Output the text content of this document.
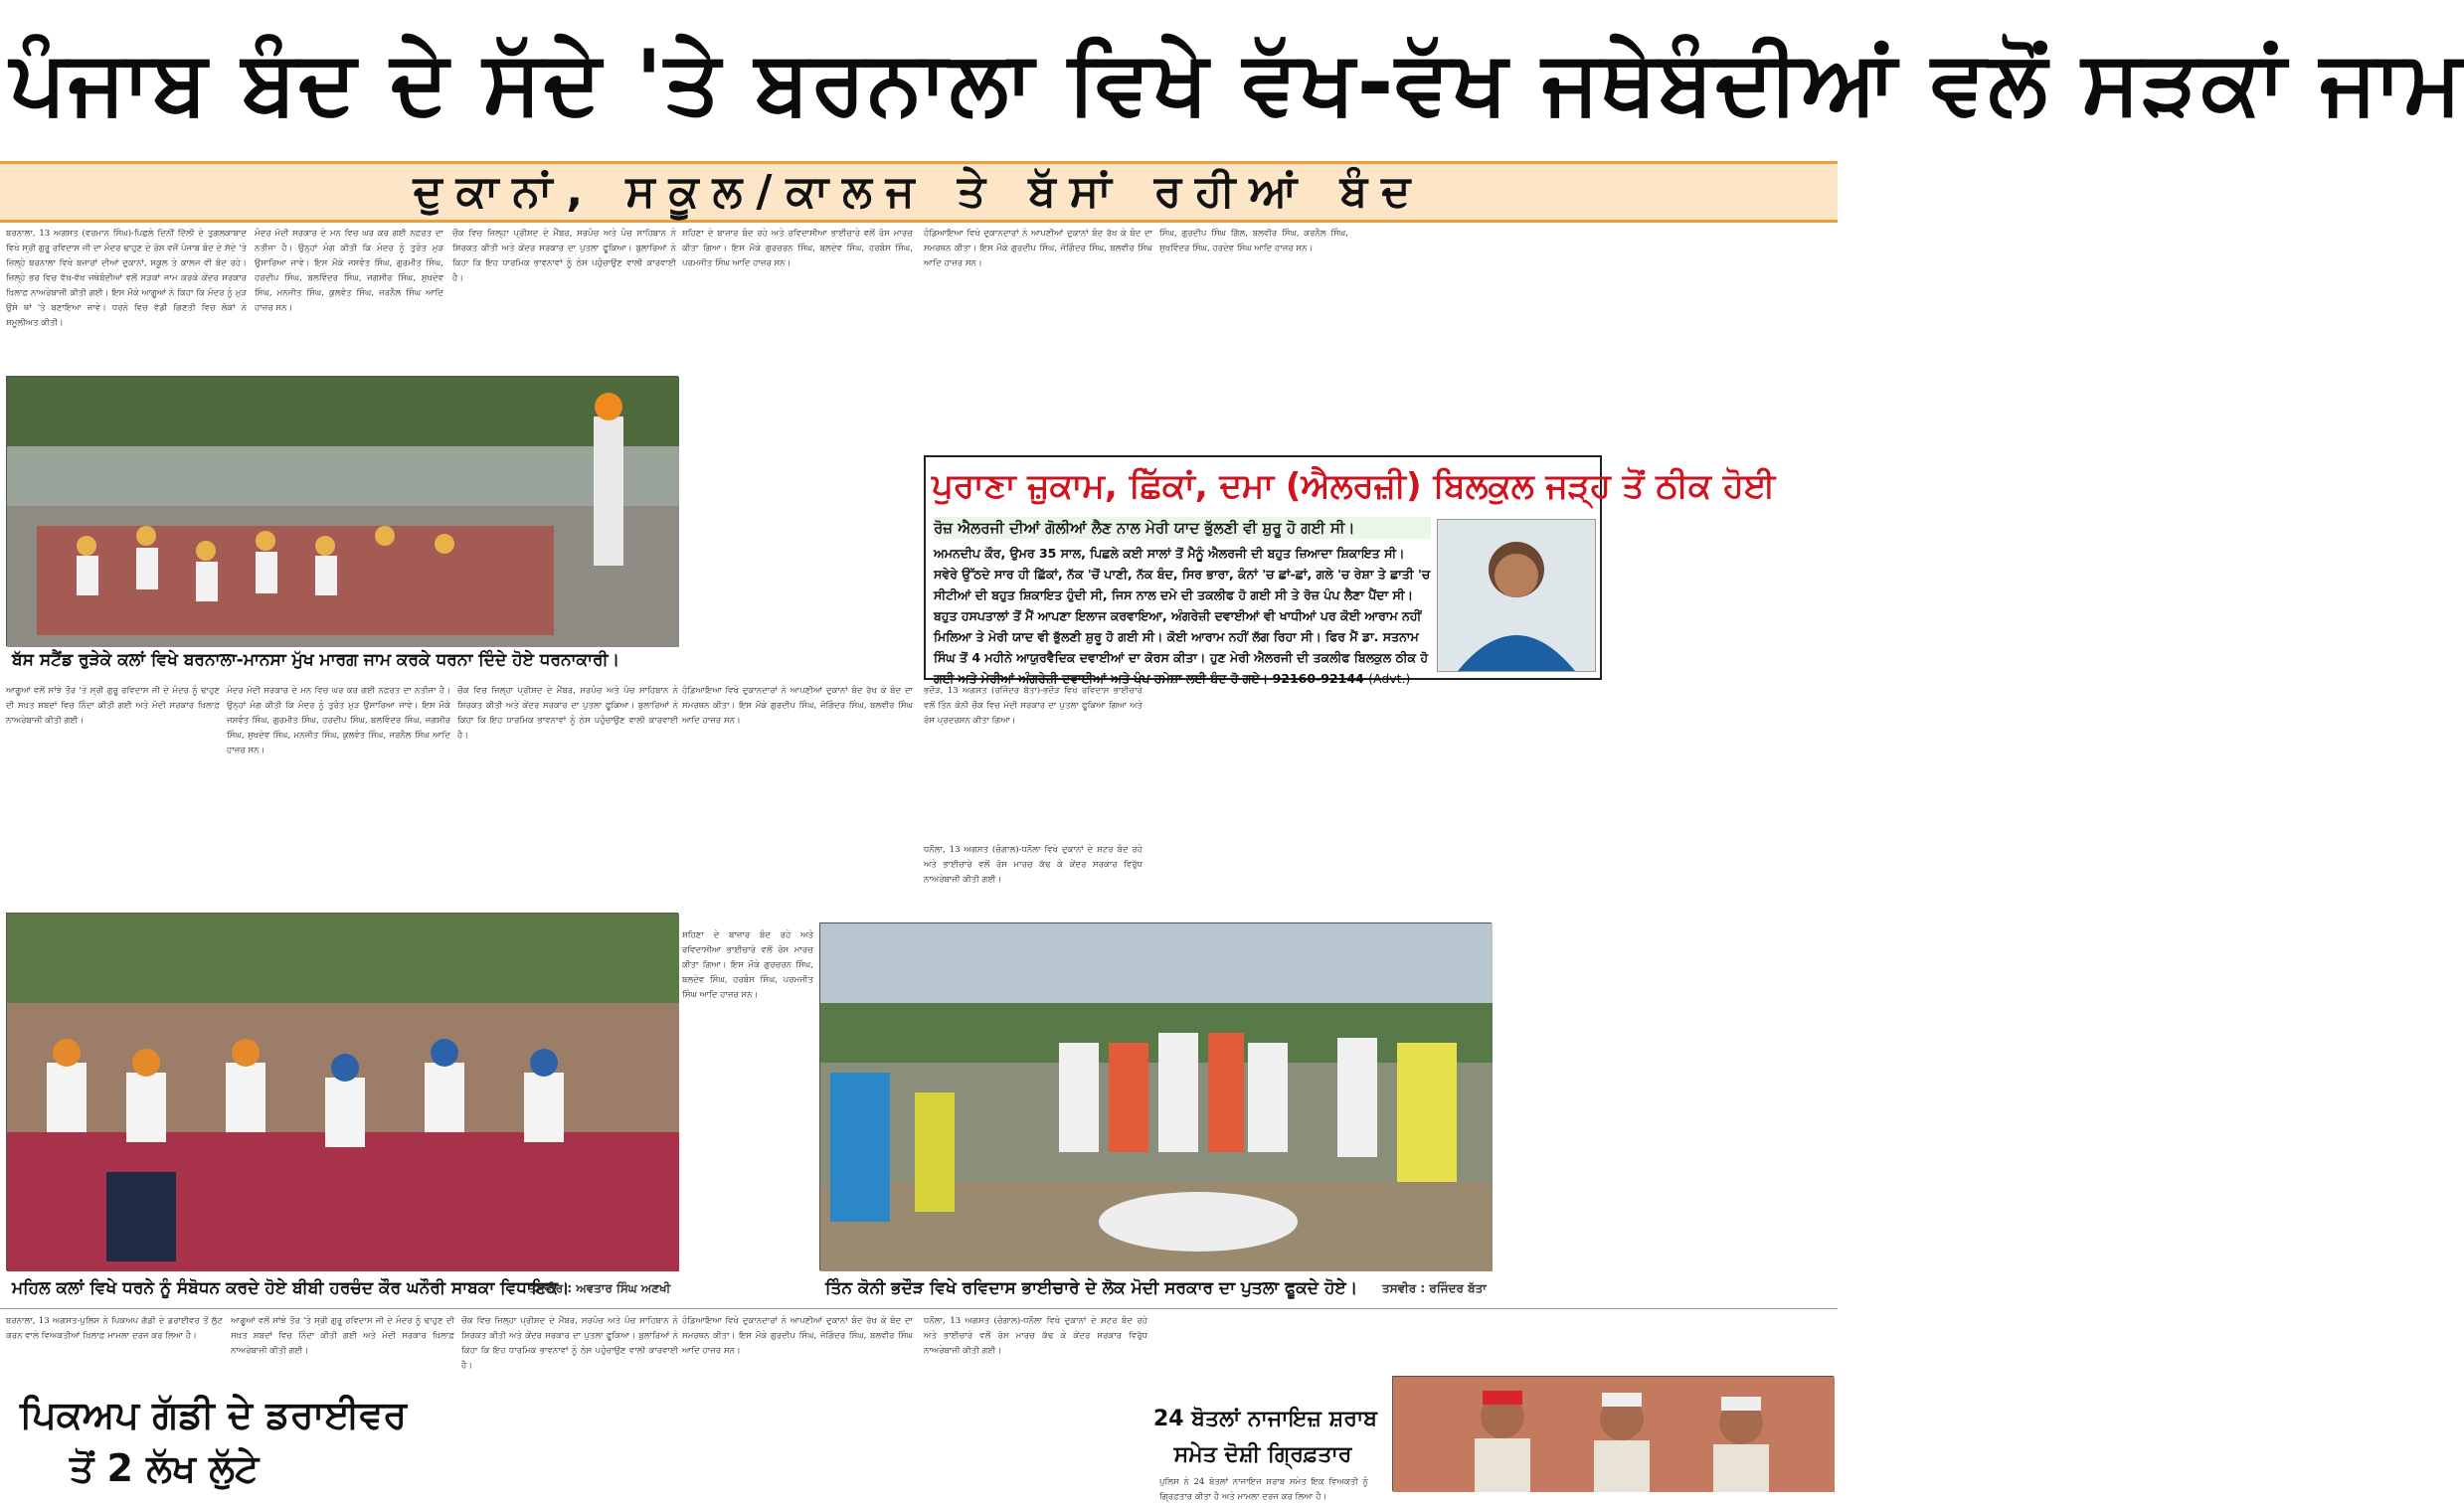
ਪੰਜਾਬ ਬੰਦ ਦੇ ਸੱਦੇ 'ਤੇ ਬਰਨਾਲਾ ਵਿਖੇ ਵੱਖ-ਵੱਖ ਜਥੇਬੰਦੀਆਂ ਵਲੋਂ ਸੜਕਾਂ ਜਾਮ
ਦੁਕਾਨਾਂ, ਸਕੂਲ/ਕਾਲਜ ਤੇ ਬੱਸਾਂ ਰਹੀਆਂ ਬੰਦ

ਬਰਨਾਲਾ, 13 ਅਗਸਤ (ਵਰਮਾਨ ਸਿੰਘ)-ਪਿਛਲੇ ਦਿਨੀਂ ਦਿੱਲੀ ਦੇ ਤੁਗਲਕਾਬਾਦ ਵਿਖੇ ਸ੍ਰੀ ਗੁਰੂ ਰਵਿਦਾਸ ਜੀ ਦਾ ਮੰਦਰ ਢਾਹੁਣ ਦੇ ਰੋਸ ਵਜੋਂ ਪੰਜਾਬ ਬੰਦ ਦੇ ਸੱਦੇ 'ਤੇ ਜ਼ਿਲ੍ਹੇ ਬਰਨਾਲਾ ਵਿਖੇ ਬਜ਼ਾਰਾਂ ਦੀਆਂ ਦੁਕਾਨਾਂ, ਸਕੂਲ ਤੇ ਕਾਲਜ ਵੀ ਬੰਦ ਰਹੇ। ਜ਼ਿਲ੍ਹੇ ਭਰ ਵਿਚ ਵੱਖ-ਵੱਖ ਜਥੇਬੰਦੀਆਂ ਵਲੋਂ ਸੜਕਾਂ ਜਾਮ ਕਰਕੇ ਕੇਂਦਰ ਸਰਕਾਰ ਖ਼ਿਲਾਫ਼ ਨਾਅਰੇਬਾਜ਼ੀ ਕੀਤੀ ਗਈ। ਇਸ ਮੌਕੇ ਆਗੂਆਂ ਨੇ ਕਿਹਾ ਕਿ ਮੰਦਰ ਨੂੰ ਮੁੜ ਉਸੇ ਥਾਂ 'ਤੇ ਬਣਾਇਆ ਜਾਵੇ। ਧਰਨੇ ਵਿਚ ਵੱਡੀ ਗਿਣਤੀ ਵਿਚ ਲੋਕਾਂ ਨੇ ਸ਼ਮੂਲੀਅਤ ਕੀਤੀ।

ਮੰਦਰ ਮੋਦੀ ਸਰਕਾਰ ਦੇ ਮਨ ਵਿਚ ਘਰ ਕਰ ਗਈ ਨਫ਼ਰਤ ਦਾ ਨਤੀਜਾ ਹੈ। ਉਨ੍ਹਾਂ ਮੰਗ ਕੀਤੀ ਕਿ ਮੰਦਰ ਨੂੰ ਤੁਰੰਤ ਮੁੜ ਉਸਾਰਿਆ ਜਾਵੇ। ਇਸ ਮੌਕੇ ਜਸਵੰਤ ਸਿੰਘ, ਗੁਰਮੀਤ ਸਿੰਘ, ਹਰਦੀਪ ਸਿੰਘ, ਬਲਵਿੰਦਰ ਸਿੰਘ, ਜਗਸੀਰ ਸਿੰਘ, ਸੁਖਦੇਵ ਸਿੰਘ, ਮਨਜੀਤ ਸਿੰਘ, ਕੁਲਵੰਤ ਸਿੰਘ, ਜਰਨੈਲ ਸਿੰਘ ਆਦਿ ਹਾਜ਼ਰ ਸਨ।

ਚੌਕ ਵਿਚ ਜ਼ਿਲ੍ਹਾ ਪ੍ਰੀਸ਼ਦ ਦੇ ਮੈਂਬਰ, ਸਰਪੰਚ ਅਤੇ ਪੰਚ ਸਾਹਿਬਾਨ ਨੇ ਸ਼ਿਰਕਤ ਕੀਤੀ ਅਤੇ ਕੇਂਦਰ ਸਰਕਾਰ ਦਾ ਪੁਤਲਾ ਫੂਕਿਆ। ਬੁਲਾਰਿਆਂ ਨੇ ਕਿਹਾ ਕਿ ਇਹ ਧਾਰਮਿਕ ਭਾਵਨਾਵਾਂ ਨੂੰ ਠੇਸ ਪਹੁੰਚਾਉਣ ਵਾਲੀ ਕਾਰਵਾਈ ਹੈ।

ਸ਼ਹਿਣਾ ਦੇ ਬਾਜ਼ਾਰ ਬੰਦ ਰਹੇ ਅਤੇ ਰਵਿਦਾਸੀਆ ਭਾਈਚਾਰੇ ਵਲੋਂ ਰੋਸ ਮਾਰਚ ਕੀਤਾ ਗਿਆ। ਇਸ ਮੌਕੇ ਗੁਰਚਰਨ ਸਿੰਘ, ਬਲਦੇਵ ਸਿੰਘ, ਹਰਬੰਸ ਸਿੰਘ, ਪਰਮਜੀਤ ਸਿੰਘ ਆਦਿ ਹਾਜ਼ਰ ਸਨ।

ਹੰਡਿਆਇਆ ਵਿਖੇ ਦੁਕਾਨਦਾਰਾਂ ਨੇ ਆਪਣੀਆਂ ਦੁਕਾਨਾਂ ਬੰਦ ਰੱਖ ਕੇ ਬੰਦ ਦਾ ਸਮਰਥਨ ਕੀਤਾ। ਇਸ ਮੌਕੇ ਗੁਰਦੀਪ ਸਿੰਘ, ਜੋਗਿੰਦਰ ਸਿੰਘ, ਬਲਵੀਰ ਸਿੰਘ ਆਦਿ ਹਾਜ਼ਰ ਸਨ।

ਸਿੰਘ, ਗੁਰਦੀਪ ਸਿੰਘ ਗਿੱਲ, ਬਲਵੀਰ ਸਿੰਘ, ਕਰਨੈਲ ਸਿੰਘ, ਸੁਖਵਿੰਦਰ ਸਿੰਘ, ਹਰਦੇਵ ਸਿੰਘ ਆਦਿ ਹਾਜ਼ਰ ਸਨ।

ਬੱਸ ਸਟੈਂਡ ਰੁੜੇਕੇ ਕਲਾਂ ਵਿਖੇ ਬਰਨਾਲਾ-ਮਾਨਸਾ ਮੁੱਖ ਮਾਰਗ ਜਾਮ ਕਰਕੇ ਧਰਨਾ ਦਿੰਦੇ ਹੋਏ ਧਰਨਾਕਾਰੀ।
ਪੁਰਾਣਾ ਜ਼ੁਕਾਮ, ਛਿੱਕਾਂ, ਦਮਾ (ਐਲਰਜ਼ੀ) ਬਿਲਕੁਲ ਜੜ੍ਹ ਤੋਂ ਠੀਕ ਹੋਈ
ਰੋਜ਼ ਐਲਰਜੀ ਦੀਆਂ ਗੋਲੀਆਂ ਲੈਣ ਨਾਲ ਮੇਰੀ ਯਾਦ ਭੁੱਲਣੀ ਵੀ ਸ਼ੁਰੂ ਹੋ ਗਈ ਸੀ।
ਅਮਨਦੀਪ ਕੌਰ, ਉਮਰ 35 ਸਾਲ, ਪਿਛਲੇ ਕਈ ਸਾਲਾਂ ਤੋਂ ਮੈਨੂੰ ਐਲਰਜੀ ਦੀ ਬਹੁਤ ਜ਼ਿਆਦਾ ਸ਼ਿਕਾਇਤ ਸੀ। ਸਵੇਰੇ ਉੱਠਦੇ ਸਾਰ ਹੀ ਛਿੱਕਾਂ, ਨੱਕ 'ਚੋਂ ਪਾਣੀ, ਨੱਕ ਬੰਦ, ਸਿਰ ਭਾਰਾ, ਕੰਨਾਂ 'ਚ ਛਾਂ-ਛਾਂ, ਗਲੇ 'ਚ ਰੇਸ਼ਾ ਤੇ ਛਾਤੀ 'ਚ ਸੀਟੀਆਂ ਦੀ ਬਹੁਤ ਸ਼ਿਕਾਇਤ ਹੁੰਦੀ ਸੀ, ਜਿਸ ਨਾਲ ਦਮੇ ਦੀ ਤਕਲੀਫ ਹੋ ਗਈ ਸੀ ਤੇ ਰੋਜ਼ ਪੰਪ ਲੈਣਾ ਪੈਂਦਾ ਸੀ। ਬਹੁਤ ਹਸਪਤਾਲਾਂ ਤੋਂ ਮੈਂ ਆਪਣਾ ਇਲਾਜ ਕਰਵਾਇਆ, ਅੰਗਰੇਜ਼ੀ ਦਵਾਈਆਂ ਵੀ ਖਾਧੀਆਂ ਪਰ ਕੋਈ ਆਰਾਮ ਨਹੀਂ ਮਿਲਿਆ ਤੇ ਮੇਰੀ ਯਾਦ ਵੀ ਭੁੱਲਣੀ ਸ਼ੁਰੂ ਹੋ ਗਈ ਸੀ। ਕੋਈ ਆਰਾਮ ਨਹੀਂ ਲੱਗ ਰਿਹਾ ਸੀ। ਫਿਰ ਮੈਂ ਡਾ. ਸਤਨਾਮ ਸਿੰਘ ਤੋਂ 4 ਮਹੀਨੇ ਆਯੁਰਵੈਦਿਕ ਦਵਾਈਆਂ ਦਾ ਕੋਰਸ ਕੀਤਾ। ਹੁਣ ਮੇਰੀ ਐਲਰਜੀ ਦੀ ਤਕਲੀਫ ਬਿਲਕੁਲ ਠੀਕ ਹੋ ਗਈ ਅਤੇ ਮੇਰੀਆਂ ਅੰਗਰੇਜ਼ੀ ਦਵਾਈਆਂ ਅਤੇ ਪੰਪ ਹਮੇਸ਼ਾ ਲਈ ਬੰਦ ਹੋ ਗਏ। 92160-92144 (Advt.)

ਆਗੂਆਂ ਵਲੋਂ ਸਾਂਝੇ ਤੌਰ 'ਤੇ ਸ੍ਰੀ ਗੁਰੂ ਰਵਿਦਾਸ ਜੀ ਦੇ ਮੰਦਰ ਨੂੰ ਢਾਹੁਣ ਦੀ ਸਖ਼ਤ ਸ਼ਬਦਾਂ ਵਿਚ ਨਿੰਦਾ ਕੀਤੀ ਗਈ ਅਤੇ ਮੋਦੀ ਸਰਕਾਰ ਖ਼ਿਲਾਫ਼ ਨਾਅਰੇਬਾਜ਼ੀ ਕੀਤੀ ਗਈ।

ਮੰਦਰ ਮੋਦੀ ਸਰਕਾਰ ਦੇ ਮਨ ਵਿਚ ਘਰ ਕਰ ਗਈ ਨਫ਼ਰਤ ਦਾ ਨਤੀਜਾ ਹੈ। ਉਨ੍ਹਾਂ ਮੰਗ ਕੀਤੀ ਕਿ ਮੰਦਰ ਨੂੰ ਤੁਰੰਤ ਮੁੜ ਉਸਾਰਿਆ ਜਾਵੇ। ਇਸ ਮੌਕੇ ਜਸਵੰਤ ਸਿੰਘ, ਗੁਰਮੀਤ ਸਿੰਘ, ਹਰਦੀਪ ਸਿੰਘ, ਬਲਵਿੰਦਰ ਸਿੰਘ, ਜਗਸੀਰ ਸਿੰਘ, ਸੁਖਦੇਵ ਸਿੰਘ, ਮਨਜੀਤ ਸਿੰਘ, ਕੁਲਵੰਤ ਸਿੰਘ, ਜਰਨੈਲ ਸਿੰਘ ਆਦਿ ਹਾਜ਼ਰ ਸਨ।

ਚੌਕ ਵਿਚ ਜ਼ਿਲ੍ਹਾ ਪ੍ਰੀਸ਼ਦ ਦੇ ਮੈਂਬਰ, ਸਰਪੰਚ ਅਤੇ ਪੰਚ ਸਾਹਿਬਾਨ ਨੇ ਸ਼ਿਰਕਤ ਕੀਤੀ ਅਤੇ ਕੇਂਦਰ ਸਰਕਾਰ ਦਾ ਪੁਤਲਾ ਫੂਕਿਆ। ਬੁਲਾਰਿਆਂ ਨੇ ਕਿਹਾ ਕਿ ਇਹ ਧਾਰਮਿਕ ਭਾਵਨਾਵਾਂ ਨੂੰ ਠੇਸ ਪਹੁੰਚਾਉਣ ਵਾਲੀ ਕਾਰਵਾਈ ਹੈ।

ਹੰਡਿਆਇਆ ਵਿਖੇ ਦੁਕਾਨਦਾਰਾਂ ਨੇ ਆਪਣੀਆਂ ਦੁਕਾਨਾਂ ਬੰਦ ਰੱਖ ਕੇ ਬੰਦ ਦਾ ਸਮਰਥਨ ਕੀਤਾ। ਇਸ ਮੌਕੇ ਗੁਰਦੀਪ ਸਿੰਘ, ਜੋਗਿੰਦਰ ਸਿੰਘ, ਬਲਵੀਰ ਸਿੰਘ ਆਦਿ ਹਾਜ਼ਰ ਸਨ।

ਭਦੌੜ, 13 ਅਗਸਤ (ਰਜਿੰਦਰ ਬੱਤਾ)-ਭਦੌੜ ਵਿਖੇ ਰਵਿਦਾਸ ਭਾਈਚਾਰੇ ਵਲੋਂ ਤਿੰਨ ਕੋਨੀ ਚੌਕ ਵਿਚ ਮੋਦੀ ਸਰਕਾਰ ਦਾ ਪੁਤਲਾ ਫੂਕਿਆ ਗਿਆ ਅਤੇ ਰੋਸ ਪ੍ਰਦਰਸ਼ਨ ਕੀਤਾ ਗਿਆ।

ਧਨੌਲਾ, 13 ਅਗਸਤ (ਚੰਗਾਲ)-ਧਨੌਲਾ ਵਿਖੇ ਦੁਕਾਨਾਂ ਦੇ ਸ਼ਟਰ ਬੰਦ ਰਹੇ ਅਤੇ ਭਾਈਚਾਰੇ ਵਲੋਂ ਰੋਸ ਮਾਰਚ ਕੱਢ ਕੇ ਕੇਂਦਰ ਸਰਕਾਰ ਵਿਰੁੱਧ ਨਾਅਰੇਬਾਜ਼ੀ ਕੀਤੀ ਗਈ।

ਮਹਿਲ ਕਲਾਂ ਵਿਖੇ ਧਰਨੇ ਨੂੰ ਸੰਬੋਧਨ ਕਰਦੇ ਹੋਏ ਬੀਬੀ ਹਰਚੰਦ ਕੌਰ ਘਨੌਰੀ ਸਾਬਕਾ ਵਿਧਾਇਕ।
ਤਸਵੀਰ : ਅਵਤਾਰ ਸਿੰਘ ਅਣਖੀ

ਸ਼ਹਿਣਾ ਦੇ ਬਾਜ਼ਾਰ ਬੰਦ ਰਹੇ ਅਤੇ ਰਵਿਦਾਸੀਆ ਭਾਈਚਾਰੇ ਵਲੋਂ ਰੋਸ ਮਾਰਚ ਕੀਤਾ ਗਿਆ। ਇਸ ਮੌਕੇ ਗੁਰਚਰਨ ਸਿੰਘ, ਬਲਦੇਵ ਸਿੰਘ, ਹਰਬੰਸ ਸਿੰਘ, ਪਰਮਜੀਤ ਸਿੰਘ ਆਦਿ ਹਾਜ਼ਰ ਸਨ।

ਤਿੰਨ ਕੋਨੀ ਭਦੌੜ ਵਿਖੇ ਰਵਿਦਾਸ ਭਾਈਚਾਰੇ ਦੇ ਲੋਕ ਮੋਦੀ ਸਰਕਾਰ ਦਾ ਪੁਤਲਾ ਫੂਕਦੇ ਹੋਏ। ਤਸਵੀਰ : ਰਜਿੰਦਰ ਬੱਤਾ

ਬਰਨਾਲਾ, 13 ਅਗਸਤ-ਪੁਲਿਸ ਨੇ ਪਿਕਅਪ ਗੱਡੀ ਦੇ ਡਰਾਈਵਰ ਤੋਂ ਲੁੱਟ ਕਰਨ ਵਾਲੇ ਵਿਅਕਤੀਆਂ ਖ਼ਿਲਾਫ਼ ਮਾਮਲਾ ਦਰਜ ਕਰ ਲਿਆ ਹੈ।

ਆਗੂਆਂ ਵਲੋਂ ਸਾਂਝੇ ਤੌਰ 'ਤੇ ਸ੍ਰੀ ਗੁਰੂ ਰਵਿਦਾਸ ਜੀ ਦੇ ਮੰਦਰ ਨੂੰ ਢਾਹੁਣ ਦੀ ਸਖ਼ਤ ਸ਼ਬਦਾਂ ਵਿਚ ਨਿੰਦਾ ਕੀਤੀ ਗਈ ਅਤੇ ਮੋਦੀ ਸਰਕਾਰ ਖ਼ਿਲਾਫ਼ ਨਾਅਰੇਬਾਜ਼ੀ ਕੀਤੀ ਗਈ।

ਪਿਕਅਪ ਗੱਡੀ ਦੇ ਡਰਾਈਵਰ
ਤੋਂ 2 ਲੱਖ ਲੁੱਟੇ

ਚੌਕ ਵਿਚ ਜ਼ਿਲ੍ਹਾ ਪ੍ਰੀਸ਼ਦ ਦੇ ਮੈਂਬਰ, ਸਰਪੰਚ ਅਤੇ ਪੰਚ ਸਾਹਿਬਾਨ ਨੇ ਸ਼ਿਰਕਤ ਕੀਤੀ ਅਤੇ ਕੇਂਦਰ ਸਰਕਾਰ ਦਾ ਪੁਤਲਾ ਫੂਕਿਆ। ਬੁਲਾਰਿਆਂ ਨੇ ਕਿਹਾ ਕਿ ਇਹ ਧਾਰਮਿਕ ਭਾਵਨਾਵਾਂ ਨੂੰ ਠੇਸ ਪਹੁੰਚਾਉਣ ਵਾਲੀ ਕਾਰਵਾਈ ਹੈ।

ਹੰਡਿਆਇਆ ਵਿਖੇ ਦੁਕਾਨਦਾਰਾਂ ਨੇ ਆਪਣੀਆਂ ਦੁਕਾਨਾਂ ਬੰਦ ਰੱਖ ਕੇ ਬੰਦ ਦਾ ਸਮਰਥਨ ਕੀਤਾ। ਇਸ ਮੌਕੇ ਗੁਰਦੀਪ ਸਿੰਘ, ਜੋਗਿੰਦਰ ਸਿੰਘ, ਬਲਵੀਰ ਸਿੰਘ ਆਦਿ ਹਾਜ਼ਰ ਸਨ।

ਧਨੌਲਾ, 13 ਅਗਸਤ (ਚੰਗਾਲ)-ਧਨੌਲਾ ਵਿਖੇ ਦੁਕਾਨਾਂ ਦੇ ਸ਼ਟਰ ਬੰਦ ਰਹੇ ਅਤੇ ਭਾਈਚਾਰੇ ਵਲੋਂ ਰੋਸ ਮਾਰਚ ਕੱਢ ਕੇ ਕੇਂਦਰ ਸਰਕਾਰ ਵਿਰੁੱਧ ਨਾਅਰੇਬਾਜ਼ੀ ਕੀਤੀ ਗਈ।

24 ਬੋਤਲਾਂ ਨਾਜਾਇਜ਼ ਸ਼ਰਾਬ
ਸਮੇਤ ਦੋਸ਼ੀ ਗ੍ਰਿਫ਼ਤਾਰ

ਪੁਲਿਸ ਨੇ 24 ਬੋਤਲਾਂ ਨਾਜਾਇਜ਼ ਸ਼ਰਾਬ ਸਮੇਤ ਇਕ ਵਿਅਕਤੀ ਨੂੰ ਗ੍ਰਿਫ਼ਤਾਰ ਕੀਤਾ ਹੈ ਅਤੇ ਮਾਮਲਾ ਦਰਜ ਕਰ ਲਿਆ ਹੈ।
